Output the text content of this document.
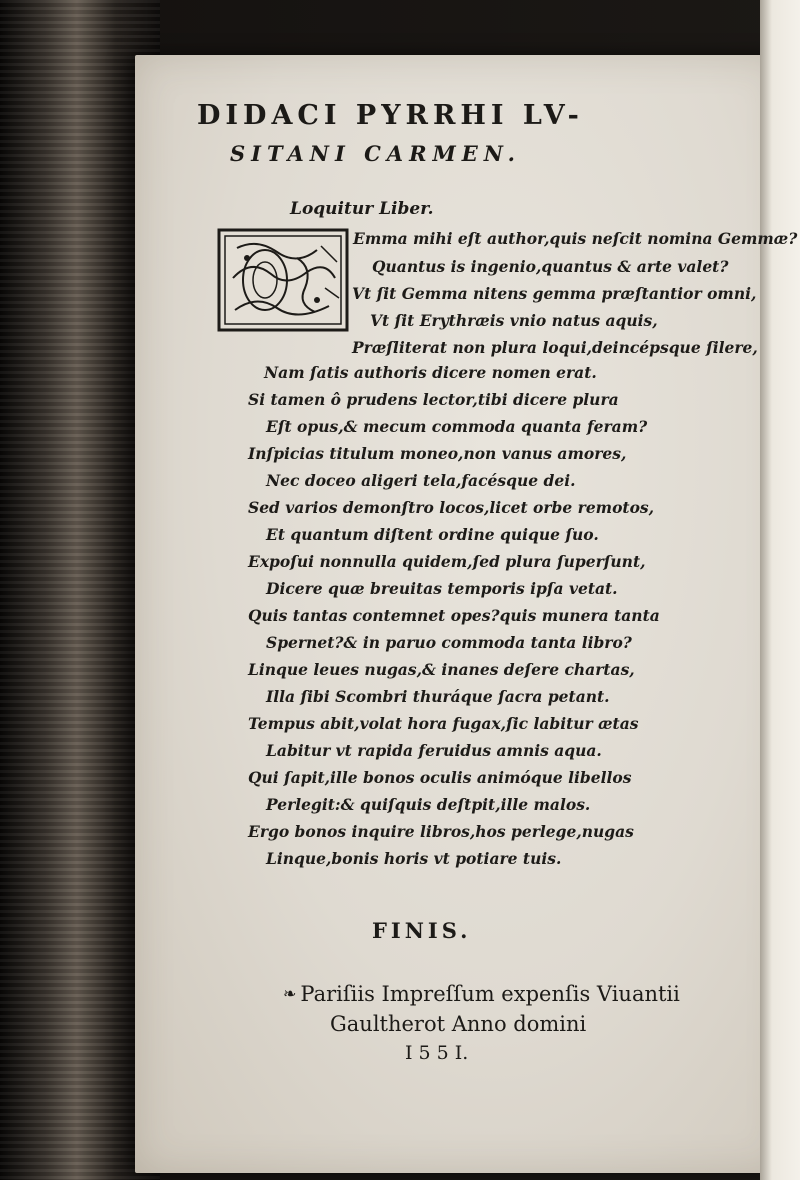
DIDACI PYRRHI LV-
SITANI CARMEN.
Loquitur Liber.
Emma mihi eſt author,quis neſcit nomina Gemmæ?
Quantus is ingenio,quantus & arte valet?
Vt ſit Gemma nitens gemma præſtantior omni,
Vt ſit Erythræis vnio natus aquis,
Præſliterat non plura loqui,deincépsque ſilere,
Nam ſatis authoris dicere nomen erat.
Si tamen ô prudens lector,tibi dicere plura
Eſt opus,& mecum commoda quanta feram?
Inſpicias titulum moneo,non vanus amores,
Nec doceo aligeri tela,facésque dei.
Sed varios demonſtro locos,licet orbe remotos,
Et quantum diſtent ordine quique ſuo.
Expoſui nonnulla quidem,ſed plura ſuperſunt,
Dicere quæ breuitas temporis ipſa vetat.
Quis tantas contemnet opes?quis munera tanta
Spernet?& in paruo commoda tanta libro?
Linque leues nugas,& inanes deſere chartas,
Illa ſibi Scombri thuráque ſacra petant.
Tempus abit,volat hora fugax,ſic labitur ætas
Labitur vt rapida feruidus amnis aqua.
Qui ſapit,ille bonos oculis animóque libellos
Perlegit:& quiſquis deſtpit,ille malos.
Ergo bonos inquire libros,hos perlege,nugas
Linque,bonis horis vt potiare tuis.
FINIS.
❧ Pariſiis Impreſſum expenſis Viuantii
Gaultherot Anno domini
I 5 5 I.
